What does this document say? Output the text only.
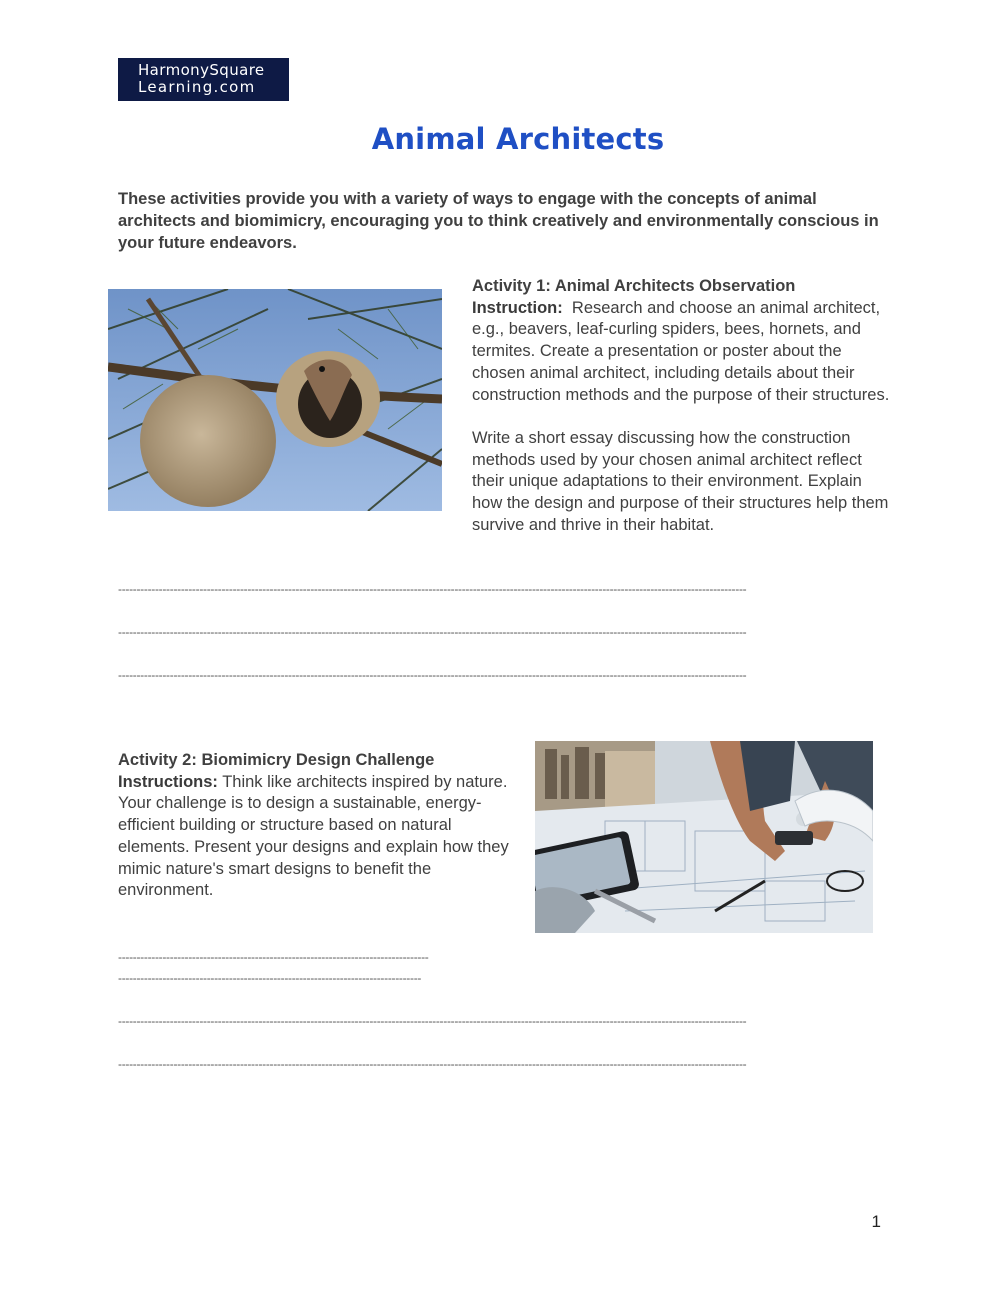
HarmonySquare
Learning.com
Animal Architects
These activities provide you with a variety of ways to engage with the concepts of animal architects and biomimicry, encouraging you to think creatively and environmentally conscious in your future endeavors.
Activity 1: Animal Architects Observation
Instruction:  Research and choose an animal architect, e.g., beavers, leaf-curling spiders, bees, hornets, and termites. Create a presentation or poster about the chosen animal architect, including details about their construction methods and the purpose of their structures.
Write a short essay discussing how the construction methods used by your chosen animal architect reflect their unique adaptations to their environment. Explain how the design and purpose of their structures help them survive and thrive in their habitat.
--------------------------------------------------------------------------------------------------------------------------------------------------------------------------
--------------------------------------------------------------------------------------------------------------------------------------------------------------------------
--------------------------------------------------------------------------------------------------------------------------------------------------------------------------
Activity 2: Biomimicry Design Challenge
Instructions: Think like architects inspired by nature. Your challenge is to design a sustainable, energy-efficient building or structure based on natural elements. Present your designs and explain how they mimic nature's smart designs to benefit the environment.
------------------------------------------------------------------------------------
----------------------------------------------------------------------------------
--------------------------------------------------------------------------------------------------------------------------------------------------------------------------
--------------------------------------------------------------------------------------------------------------------------------------------------------------------------
1
